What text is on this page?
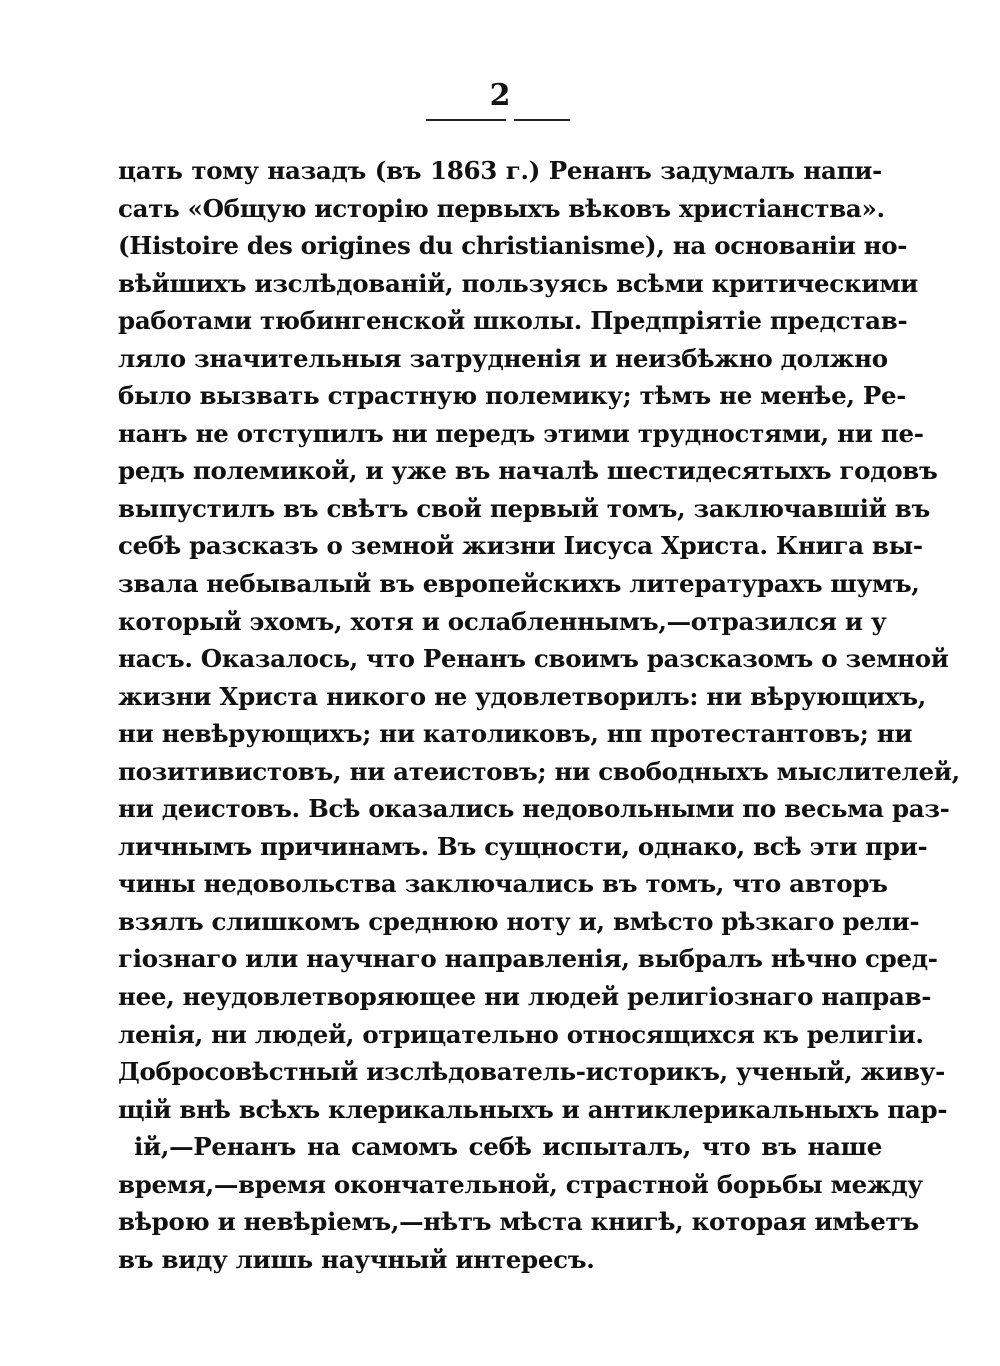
2
цать тому назадъ (въ 1863 г.) Ренанъ задумалъ напи-
сать «Общую исторію первыхъ вѣковъ христіанства».
(Histoire des origines du christianisme), на основаніи но-
вѣйшихъ изслѣдованій, пользуясь всѣми критическими
работами тюбингенской школы. Предпріятіе представ-
ляло значительныя затрудненія и неизбѣжно должно
было вызвать страстную полемику; тѣмъ не менѣе, Ре-
нанъ не отступилъ ни передъ этими трудностями, ни пе-
редъ полемикой, и уже въ началѣ шестидесятыхъ годовъ
выпустилъ въ свѣтъ свой первый томъ, заключавшій въ
себѣ разсказъ о земной жизни Іисуса Христа. Книга вы-
звала небывалый въ европейскихъ литературахъ шумъ,
который эхомъ, хотя и ослабленнымъ,—отразился и у
насъ. Оказалось, что Ренанъ своимъ разсказомъ о земной
жизни Христа никого не удовлетворилъ: ни вѣрующихъ,
ни невѣрующихъ; ни католиковъ, нп протестантовъ; ни
позитивистовъ, ни атеистовъ; ни свободныхъ мыслителей,
ни деистовъ. Всѣ оказались недовольными по весьма раз-
личнымъ причинамъ. Въ сущности, однако, всѣ эти при-
чины недовольства заключались въ томъ, что авторъ
взялъ слишкомъ среднюю ноту и, вмѣсто рѣзкаго рели-
гіознаго или научнаго направленія, выбралъ нѣчно сред-
нее, неудовлетворяющее ни людей религіознаго направ-
ленія, ни людей, отрицательно относящихся къ религіи.
Добросовѣстный изслѣдователь-историкъ, ученый, живу-
щій внѣ всѣхъ клерикальныхъ и антиклерикальныхъ пар-
ій,—Ренанъ на самомъ себѣ испыталъ, что въ наше
время,—время окончательной, страстной борьбы между
вѣрою и невѣріемъ,—нѣтъ мѣста книгѣ, которая имѣетъ
въ виду лишь научный интересъ.
